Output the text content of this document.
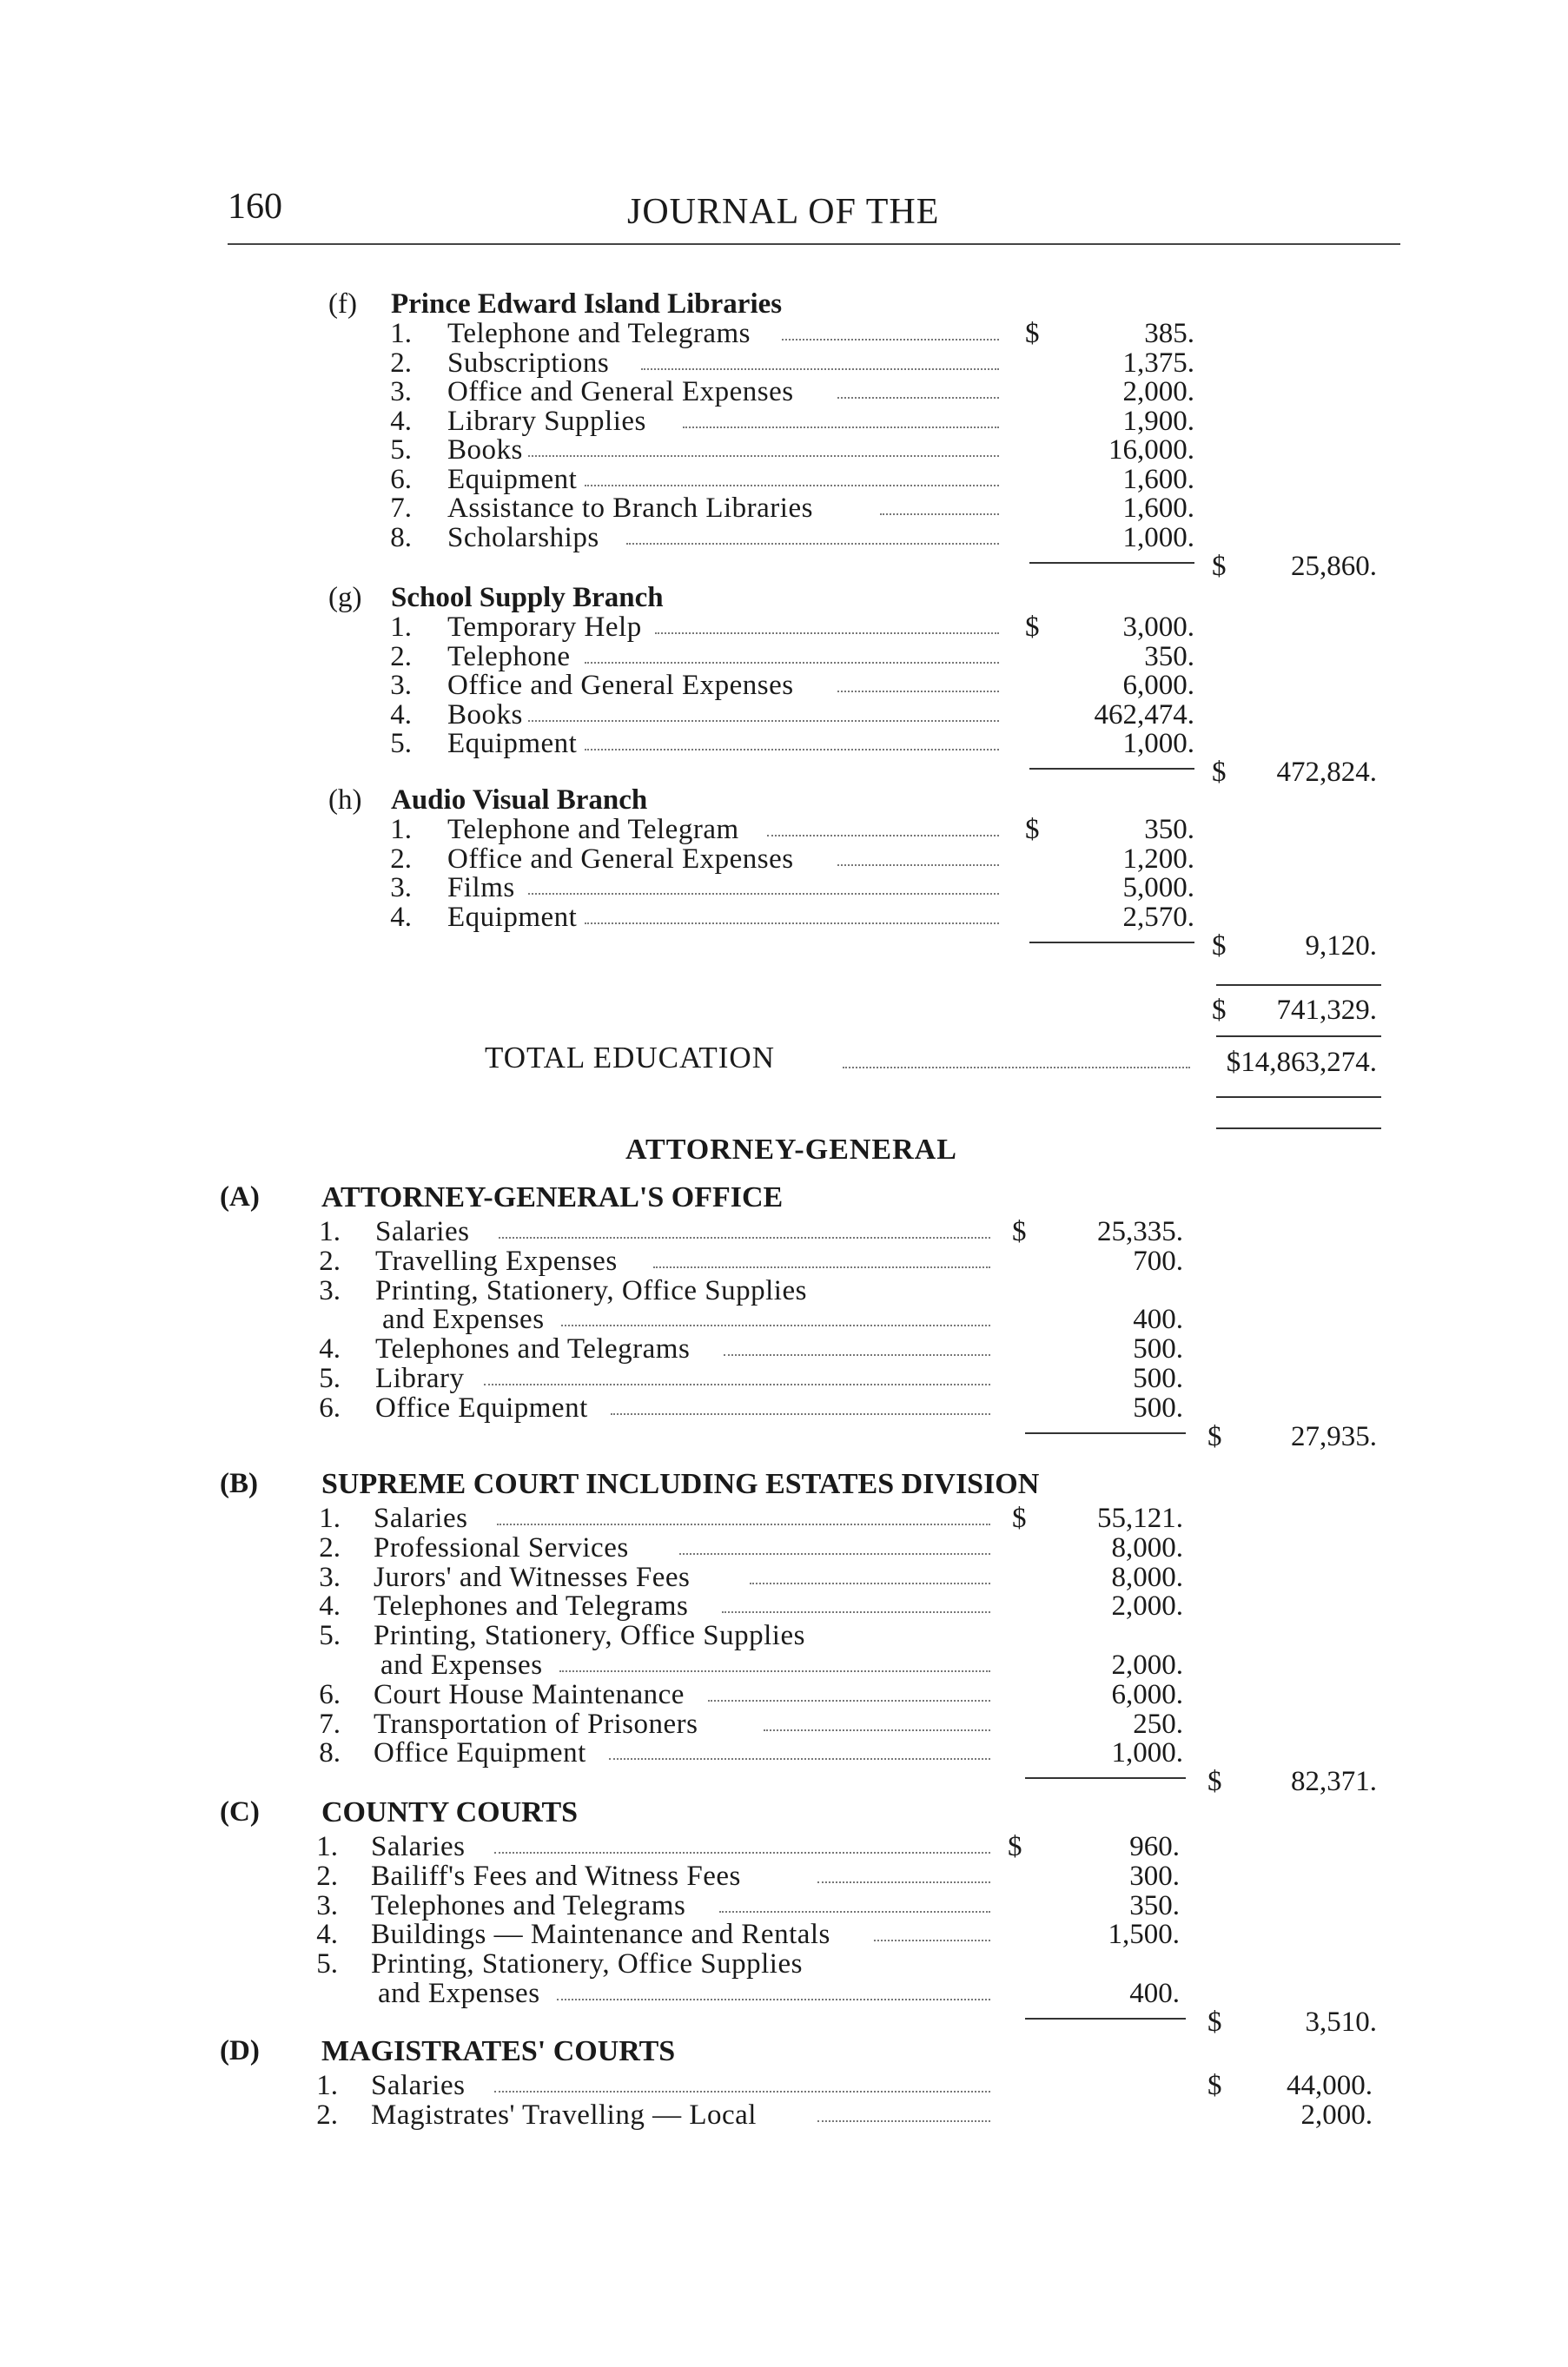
160	JOURNAL OF THE
(f) Prince Edward Island Libraries
1. Telephone and Telegrams	$	385.
2. Subscriptions	1,375.
3. Office and General Expenses	2,000.
4. Library Supplies	1,900.
5. Books	16,000.
6. Equipment	1,600.
7. Assistance to Branch Libraries	1,600.
8. Scholarships	1,000.
$	25,860.
(g) School Supply Branch
1. Temporary Help	$	3,000.
2. Telephone	350.
3. Office and General Expenses	6,000.
4. Books	462,474.
5. Equipment	1,000.
$	472,824.
(h) Audio Visual Branch
1. Telephone and Telegram	$	350.
2. Office and General Expenses	1,200.
3. Films	5,000.
4. Equipment	2,570.
$	9,120.
$	741,329.
TOTAL EDUCATION	$14,863,274.
ATTORNEY-GENERAL
(A) ATTORNEY-GENERAL'S OFFICE
1. Salaries	$	25,335.
2. Travelling Expenses	700.
3. Printing, Stationery, Office Supplies
and Expenses	400.
4. Telephones and Telegrams	500.
5. Library	500.
6. Office Equipment	500.
$	27,935.
(B) SUPREME COURT INCLUDING ESTATES DIVISION
1. Salaries	$	55,121.
2. Professional Services	8,000.
3. Jurors' and Witnesses Fees	8,000.
4. Telephones and Telegrams	2,000.
5. Printing, Stationery, Office Supplies
and Expenses	2,000.
6. Court House Maintenance	6,000.
7. Transportation of Prisoners	250.
8. Office Equipment	1,000.
$	82,371.
(C) COUNTY COURTS
1. Salaries	$	960.
2. Bailiff's Fees and Witness Fees	300.
3. Telephones and Telegrams	350.
4. Buildings — Maintenance and Rentals	1,500.
5. Printing, Stationery, Office Supplies
and Expenses	400.
$	3,510.
(D) MAGISTRATES' COURTS
1. Salaries	$	44,000.
2. Magistrates' Travelling — Local	2,000.
